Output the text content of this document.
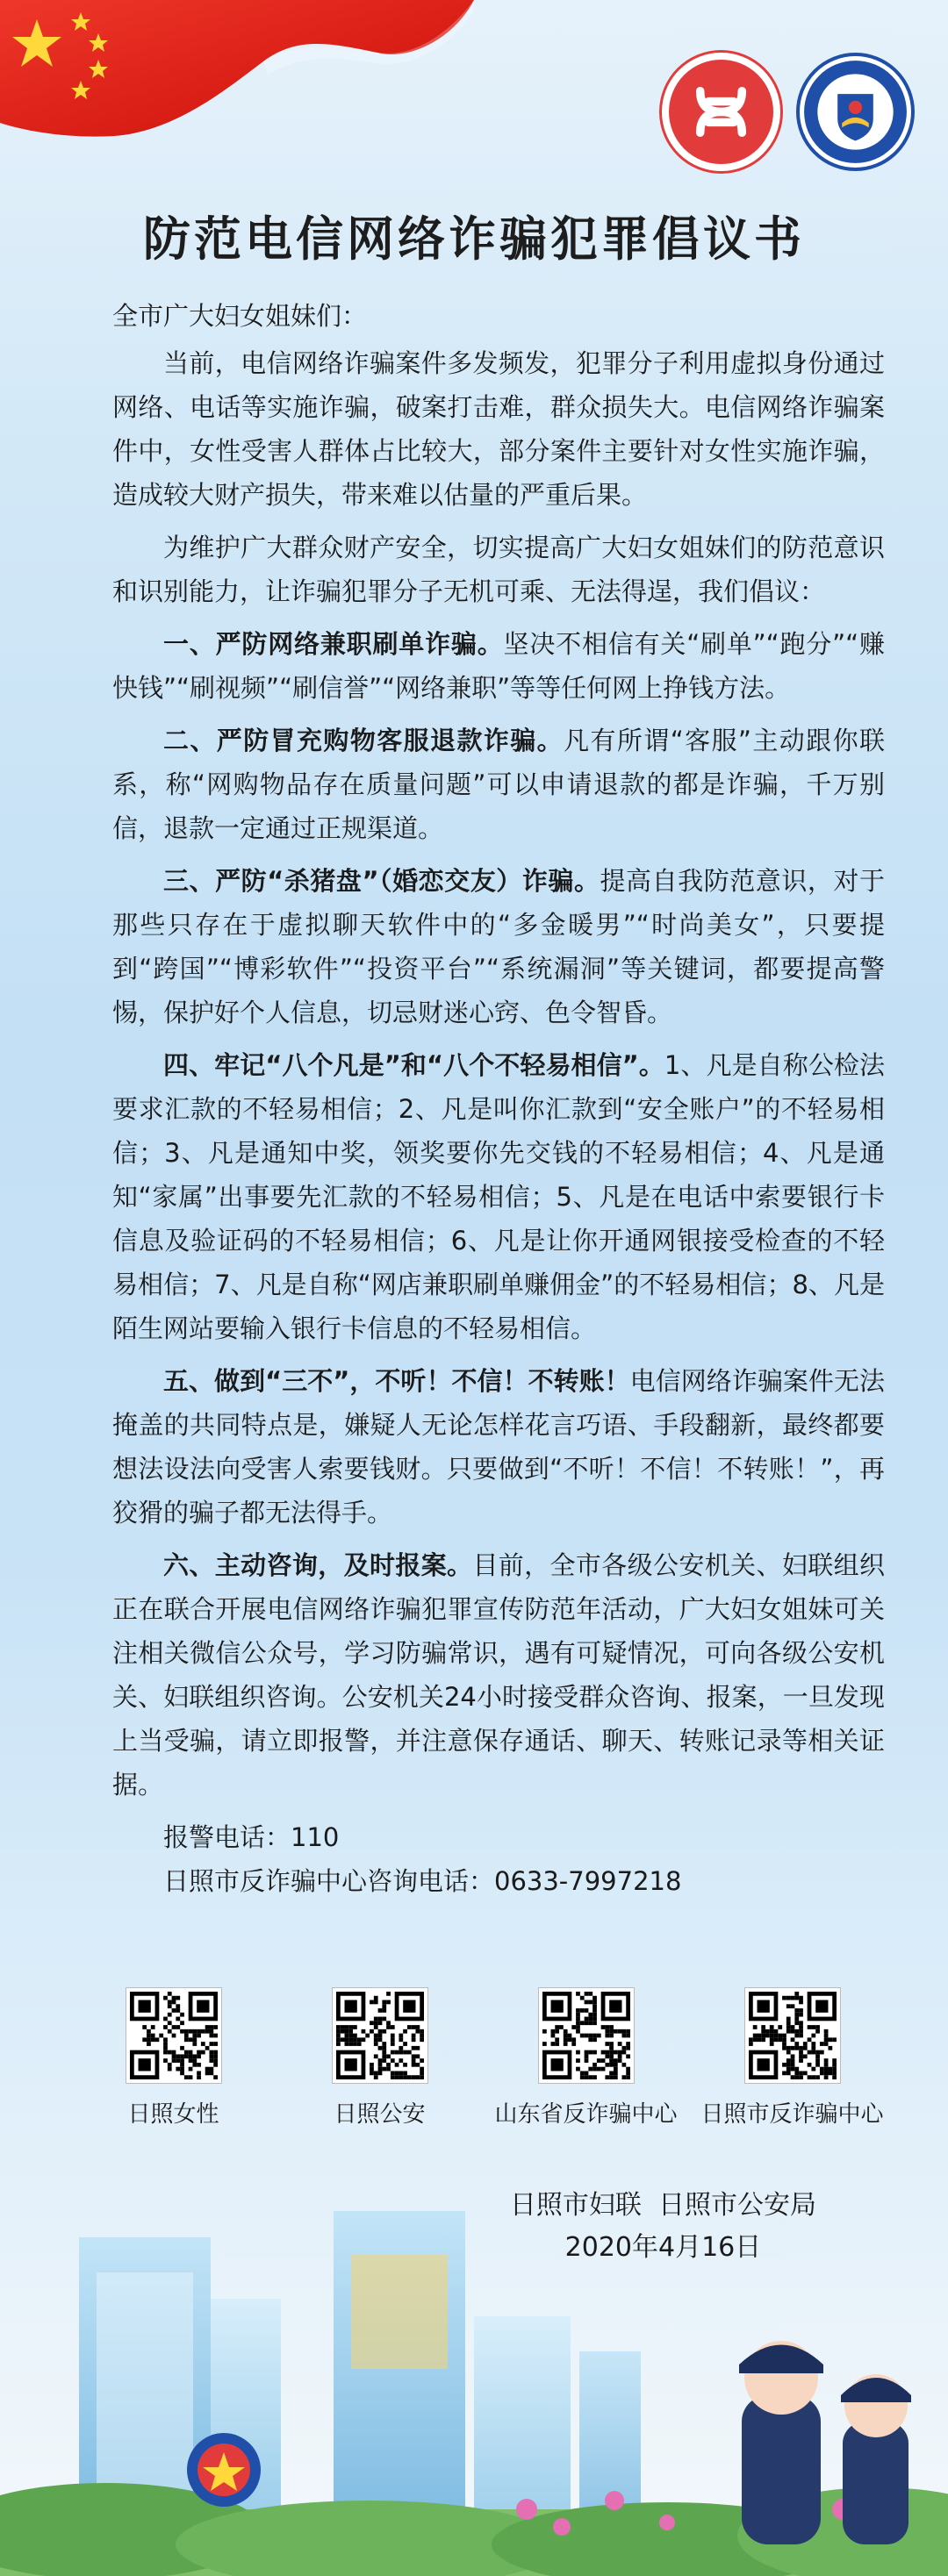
防范电信网络诈骗犯罪倡议书

全市广大妇女姐妹们：

当前，电信网络诈骗案件多发频发，犯罪分子利用虚拟身份通过网络、电话等实施诈骗，破案打击难，群众损失大。电信网络诈骗案件中，女性受害人群体占比较大，部分案件主要针对女性实施诈骗，造成较大财产损失，带来难以估量的严重后果。

为维护广大群众财产安全，切实提高广大妇女姐妹们的防范意识和识别能力，让诈骗犯罪分子无机可乘、无法得逞，我们倡议：

一、严防网络兼职刷单诈骗。坚决不相信有关“刷单”“跑分”“赚快钱”“刷视频”“刷信誉”“网络兼职”等等任何网上挣钱方法。

二、严防冒充购物客服退款诈骗。凡有所谓“客服”主动跟你联系，称“网购物品存在质量问题”可以申请退款的都是诈骗，千万别信，退款一定通过正规渠道。

三、严防“杀猪盘”（婚恋交友）诈骗。提高自我防范意识，对于那些只存在于虚拟聊天软件中的“多金暖男”“时尚美女”，只要提到“跨国”“博彩软件”“投资平台”“系统漏洞”等关键词，都要提高警惕，保护好个人信息，切忌财迷心窍、色令智昏。

四、牢记“八个凡是”和“八个不轻易相信”。1、凡是自称公检法要求汇款的不轻易相信；2、凡是叫你汇款到“安全账户”的不轻易相信；3、凡是通知中奖，领奖要你先交钱的不轻易相信；4、凡是通知“家属”出事要先汇款的不轻易相信；5、凡是在电话中索要银行卡信息及验证码的不轻易相信；6、凡是让你开通网银接受检查的不轻易相信；7、凡是自称“网店兼职刷单赚佣金”的不轻易相信；8、凡是陌生网站要输入银行卡信息的不轻易相信。

五、做到“三不”，不听！不信！不转账！电信网络诈骗案件无法掩盖的共同特点是，嫌疑人无论怎样花言巧语、手段翻新，最终都要想法设法向受害人索要钱财。只要做到“不听！不信！不转账！”，再狡猾的骗子都无法得手。

六、主动咨询，及时报案。目前，全市各级公安机关、妇联组织正在联合开展电信网络诈骗犯罪宣传防范年活动，广大妇女姐妹可关注相关微信公众号，学习防骗常识，遇有可疑情况，可向各级公安机关、妇联组织咨询。公安机关24小时接受群众咨询、报案，一旦发现上当受骗，请立即报警，并注意保存通话、聊天、转账记录等相关证据。

报警电话：110

日照市反诈骗中心咨询电话：0633-7997218

日照女性	日照公安	山东省反诈骗中心 日照市反诈骗中心
日照市妇联  日照市公安局
2020年4月16日
